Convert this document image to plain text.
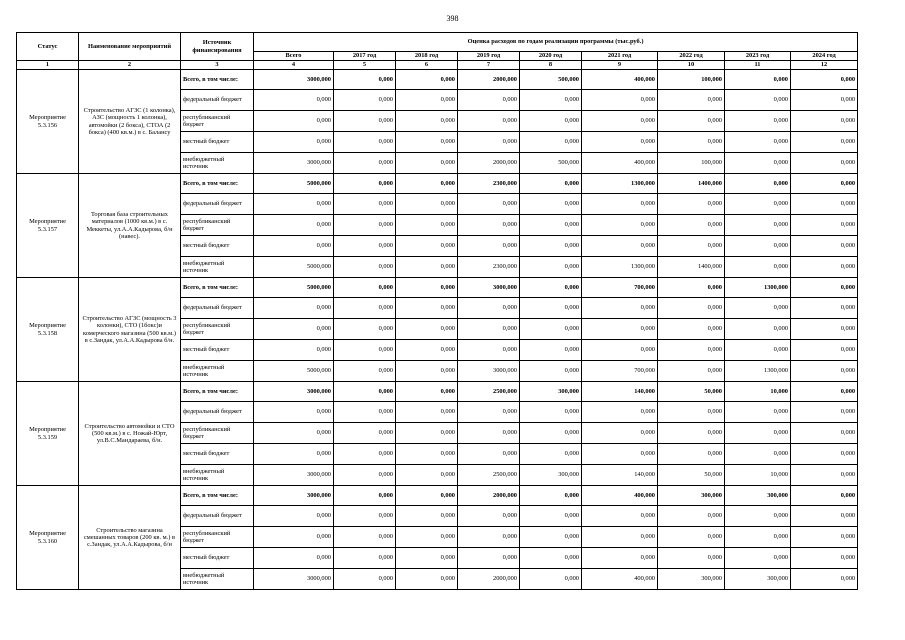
398
Статус	Наименование мероприятий	Источник финансирования	Оценка расходов по годам реализации программы (тыс.руб.)								
			Всего	2017 год	2018 год	2019 год	2020 год	2021 год	2022 год	2023 год	2024 год
1	2	3	4	5	6	7	8	9	10	11	12
Мероприятие 5.3.156	Строительство АГЗС (1 колонка), АЗС (мощность 1 колонка), автомойки (2 бокса), СТОА (2 бокса) (400 кв.м.) в с. Балансу	Всего, в том числе:	3000,000	0,000	0,000	2000,000	500,000	400,000	100,000	0,000	0,000
		федеральный бюджет	0,000	0,000	0,000	0,000	0,000	0,000	0,000	0,000	0,000
		республиканский бюджет	0,000	0,000	0,000	0,000	0,000	0,000	0,000	0,000	0,000
		местный бюджет	0,000	0,000	0,000	0,000	0,000	0,000	0,000	0,000	0,000
		внебюджетный источник	3000,000	0,000	0,000	2000,000	500,000	400,000	100,000	0,000	0,000
Мероприятие 5.3.157	Торговая база строительных материалов (1000 кв.м.) в с. Меккеты, ул.А.А.Кадырова, б/н (навес).	Всего, в том числе:	5000,000	0,000	0,000	2300,000	0,000	1300,000	1400,000	0,000	0,000
		федеральный бюджет	0,000	0,000	0,000	0,000	0,000	0,000	0,000	0,000	0,000
		республиканский бюджет	0,000	0,000	0,000	0,000	0,000	0,000	0,000	0,000	0,000
		местный бюджет	0,000	0,000	0,000	0,000	0,000	0,000	0,000	0,000	0,000
		внебюджетный источник	5000,000	0,000	0,000	2300,000	0,000	1300,000	1400,000	0,000	0,000
Мероприятие 5.3.158	Строительство АГЗС (мощность 3 колонки), СТО (1бокс)и комерческого магазина (500 кв.м.) в с.Зандак, ул.А.А.Кадырова б/н.	Всего, в том числе:	5000,000	0,000	0,000	3000,000	0,000	700,000	0,000	1300,000	0,000
		федеральный бюджет	0,000	0,000	0,000	0,000	0,000	0,000	0,000	0,000	0,000
		республиканский бюджет	0,000	0,000	0,000	0,000	0,000	0,000	0,000	0,000	0,000
		местный бюджет	0,000	0,000	0,000	0,000	0,000	0,000	0,000	0,000	0,000
		внебюджетный источник	5000,000	0,000	0,000	3000,000	0,000	700,000	0,000	1300,000	0,000
Мероприятие 5.3.159	Строительство автомойки и СТО (500 кв.м.) в с. Ножай-Юрт, ул.В.С.Мандараева, б/н.	Всего, в том числе:	3000,000	0,000	0,000	2500,000	300,000	140,000	50,000	10,000	0,000
		федеральный бюджет	0,000	0,000	0,000	0,000	0,000	0,000	0,000	0,000	0,000
		республиканский бюджет	0,000	0,000	0,000	0,000	0,000	0,000	0,000	0,000	0,000
		местный бюджет	0,000	0,000	0,000	0,000	0,000	0,000	0,000	0,000	0,000
		внебюджетный источник	3000,000	0,000	0,000	2500,000	300,000	140,000	50,000	10,000	0,000
Мероприятие 5.3.160	Строительство магазина смешанных товаров (200 кв. м.) в с.Зандак, ул.А.А.Кадырова, б/н	Всего, в том числе:	3000,000	0,000	0,000	2000,000	0,000	400,000	300,000	300,000	0,000
		федеральный бюджет	0,000	0,000	0,000	0,000	0,000	0,000	0,000	0,000	0,000
		республиканский бюджет	0,000	0,000	0,000	0,000	0,000	0,000	0,000	0,000	0,000
		местный бюджет	0,000	0,000	0,000	0,000	0,000	0,000	0,000	0,000	0,000
		внебюджетный источник	3000,000	0,000	0,000	2000,000	0,000	400,000	300,000	300,000	0,000
